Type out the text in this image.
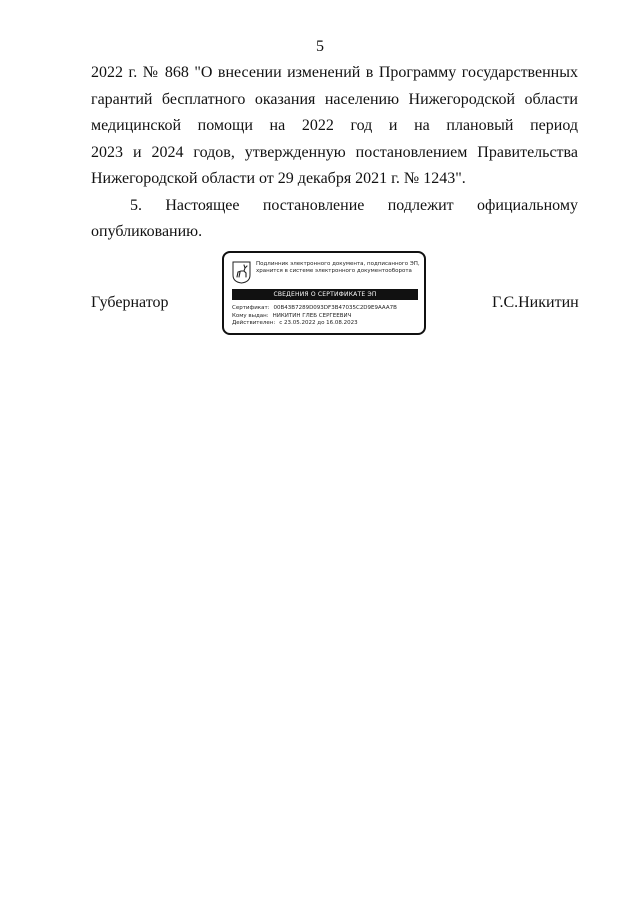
5

2022 г. № 868 "О внесении изменений в Программу государственных
гарантий бесплатного оказания населению Нижегородской области
медицинской помощи на 2022 год и на плановый период
2023 и 2024 годов, утвержденную постановлением Правительства
Нижегородской области от 29 декабря 2021 г. № 1243".

5. Настоящее постановление подлежит официальному
опубликованию.
Губернатор	Г.С.Никитин
Подлинник электронного документа, подписанного ЭП,
хранится в системе электронного документооборота
СВЕДЕНИЯ О СЕРТИФИКАТЕ ЭП
Сертификат: 00B43B7289D093DF3B47035C2D9E9AAA7B
Кому выдан: НИКИТИН ГЛЕБ СЕРГЕЕВИЧ
Действителен: с 23.05.2022 до 16.08.2023
